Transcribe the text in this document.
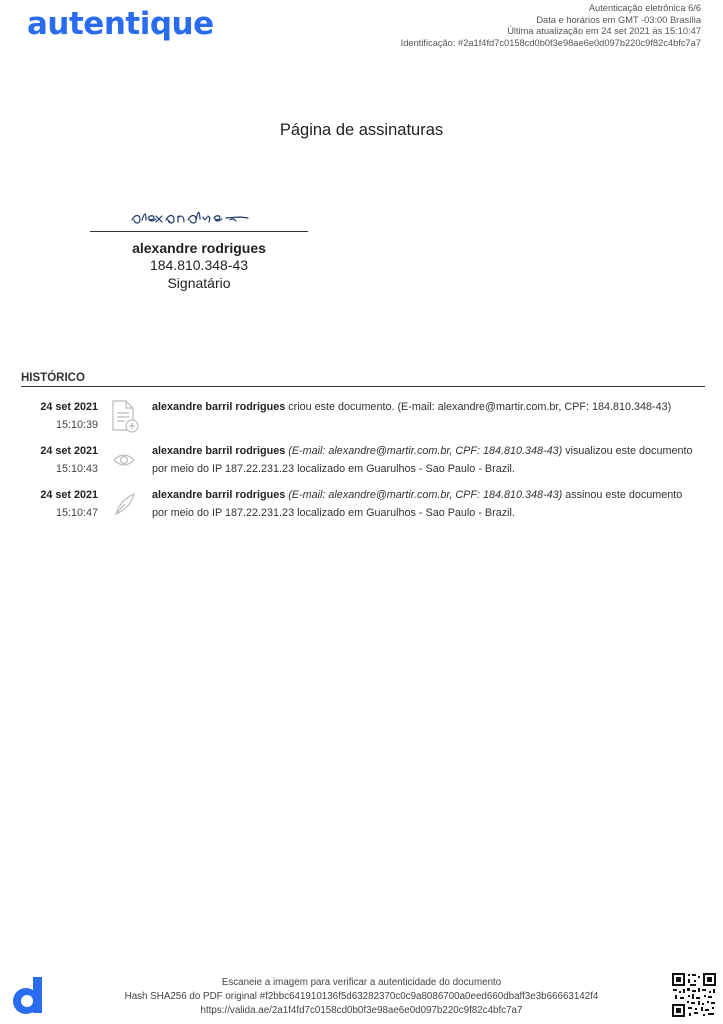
autentique	Autenticação eletrônica 6/6
Data e horários em GMT -03:00 Brasília
Última atualização em 24 set 2021 às 15:10:47
Identificação: #2a1f4fd7c0158cd0b0f3e98ae6e0d097b220c9f82c4bfc7a7
Página de assinaturas
alexandre rodrigues
184.810.348-43
Signatário
HISTÓRICO
24 set 2021
15:10:39
alexandre barril rodrigues criou este documento. (E-mail: alexandre@martir.com.br, CPF: 184.810.348-43)
24 set 2021
15:10:43
alexandre barril rodrigues (E-mail: alexandre@martir.com.br, CPF: 184.810.348-43) visualizou este documento por meio do IP 187.22.231.23 localizado em Guarulhos - Sao Paulo - Brazil.
24 set 2021
15:10:47
alexandre barril rodrigues (E-mail: alexandre@martir.com.br, CPF: 184.810.348-43) assinou este documento por meio do IP 187.22.231.23 localizado em Guarulhos - Sao Paulo - Brazil.
Escaneie a imagem para verificar a autenticidade do documento
Hash SHA256 do PDF original #f2bbc641910136f5d63282370c0c9a8086700a0eed660dbaff3e3b66663142f4
https://valida.ae/2a1f4fd7c0158cd0b0f3e98ae6e0d097b220c9f82c4bfc7a7
